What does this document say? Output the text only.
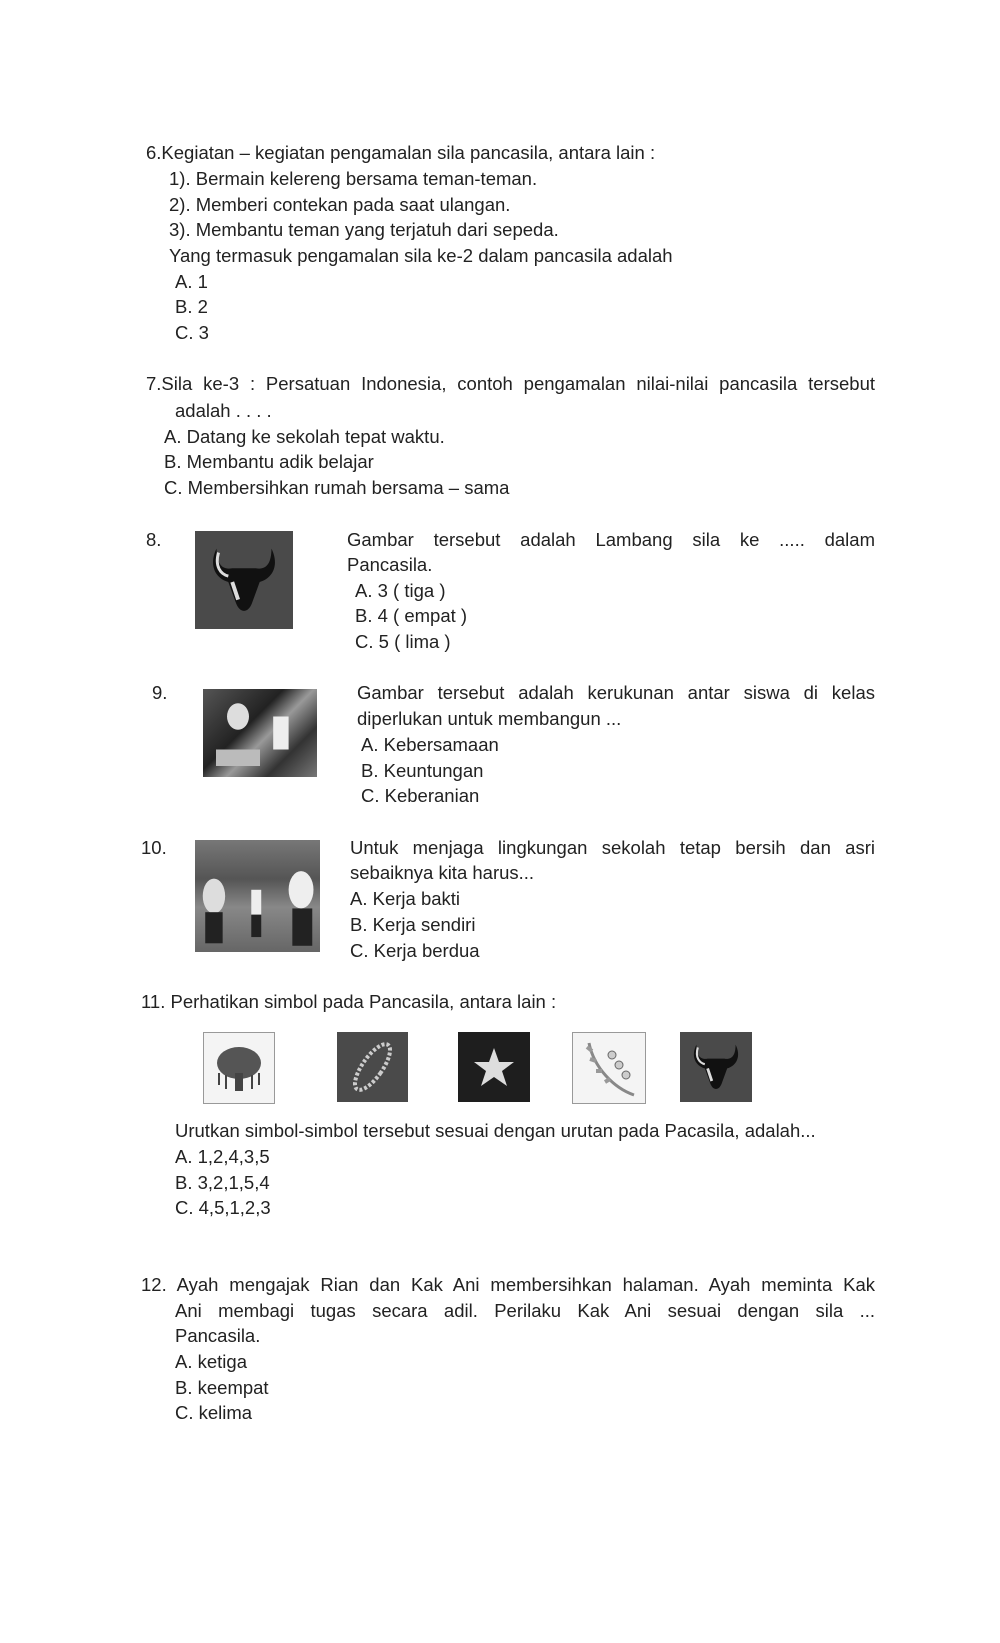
6.Kegiatan – kegiatan pengamalan sila pancasila, antara lain :
1). Bermain kelereng bersama teman-teman.
2). Memberi contekan pada saat ulangan.
3). Membantu teman yang terjatuh dari sepeda.
Yang termasuk pengamalan sila ke-2 dalam pancasila adalah
A. 1
B. 2
C. 3
7.Sila ke-3 : Persatuan Indonesia, contoh pengamalan nilai-nilai pancasila tersebut
adalah . . . .
A. Datang ke sekolah tepat waktu.
B. Membantu adik belajar
C. Membersihkan rumah bersama – sama
8.	Gambar tersebut adalah Lambang sila ke ..... dalam
Pancasila.
A. 3 ( tiga )
B. 4 ( empat )
C. 5 ( lima )
9.	Gambar tersebut adalah kerukunan antar siswa di kelas
diperlukan untuk membangun ...
A. Kebersamaan
B. Keuntungan
C. Keberanian
10.	Untuk menjaga lingkungan sekolah tetap bersih dan asri
sebaiknya kita harus...
A. Kerja bakti
B. Kerja sendiri
C. Kerja berdua
11. Perhatikan simbol pada Pancasila, antara lain :
Urutkan simbol-simbol tersebut sesuai dengan urutan pada Pacasila, adalah...
A. 1,2,4,3,5
B. 3,2,1,5,4
C. 4,5,1,2,3
12. Ayah mengajak Rian dan Kak Ani membersihkan halaman. Ayah meminta Kak
Ani membagi tugas secara adil. Perilaku Kak Ani sesuai dengan sila ...
Pancasila.
A. ketiga
B. keempat
C. kelima
